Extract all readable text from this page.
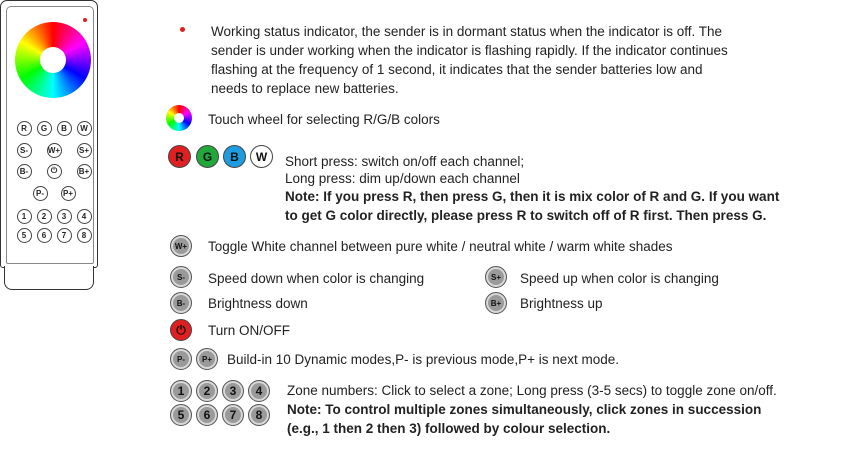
R	G	B	W
S-	W+	S+
B-	⏻	B+
P-	P+
1	2	3	4
5	6	7	8
Working status indicator, the sender is in dormant status when the indicator is off. The
sender is under working when the indicator is flashing rapidly. If the indicator continues
flashing at the frequency of 1 second, it indicates that the sender batteries low and
needs to replace new batteries.
Touch wheel for selecting R/G/B colors
R	G	B	W	Short press: switch on/off each channel;
Long press: dim up/down each channel
Note: If you press R, then press G, then it is mix color of R and G. If you want
to get G color directly, please press R to switch off of R first. Then press G.
W+ Toggle White channel between pure white / neutral white / warm white shades
S- Speed down when color is changing	S+ Speed up when color is changing
B- Brightness down	B+ Brightness up
⏻ Turn ON/OFF
P- P+ Build-in 10 Dynamic modes,P- is previous mode,P+ is next mode.
1	2	3	4
5	6	7	8
Zone numbers: Click to select a zone; Long press (3-5 secs) to toggle zone on/off.
Note: To control multiple zones simultaneously, click zones in succession
(e.g., 1 then 2 then 3) followed by colour selection.
